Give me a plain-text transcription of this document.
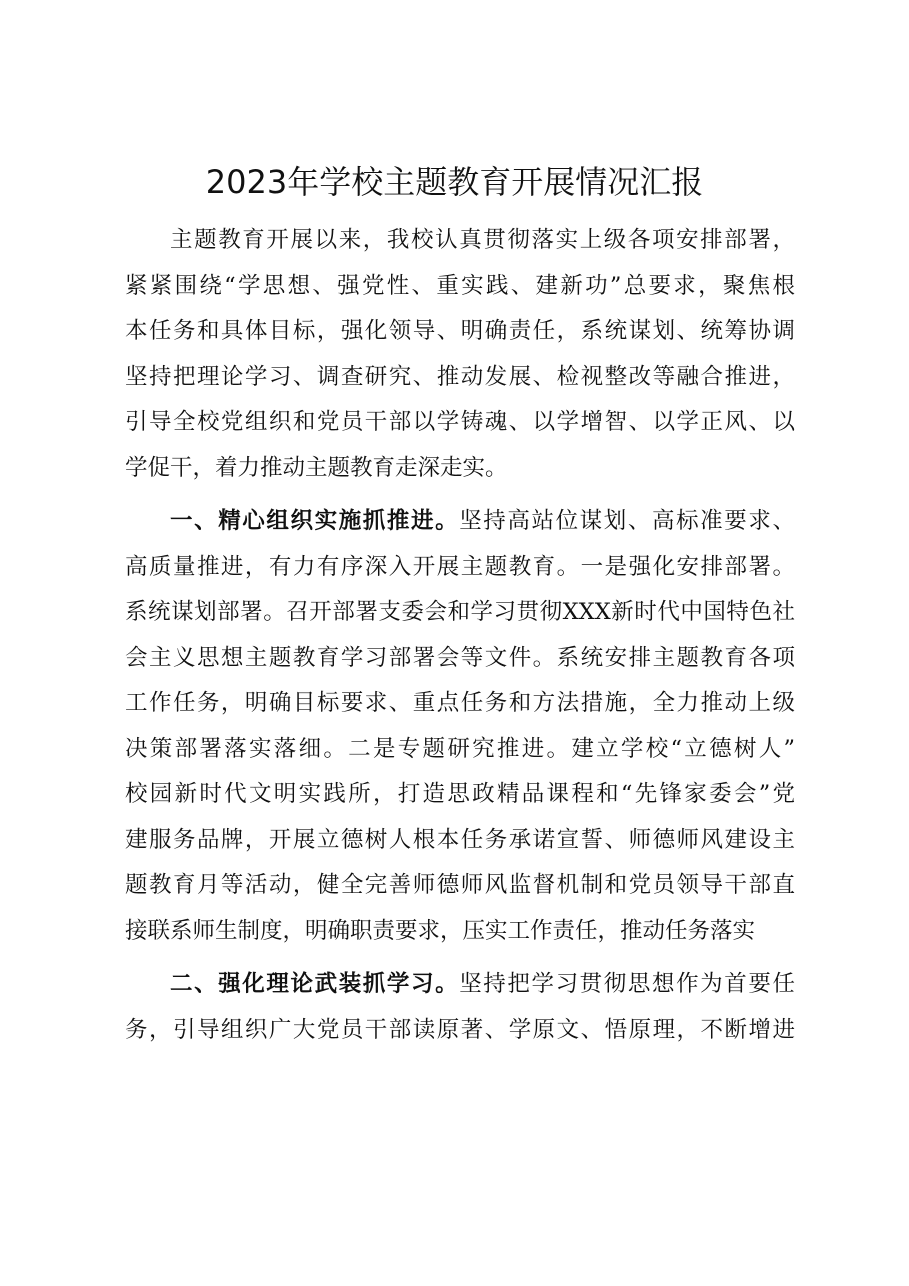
2023年学校主题教育开展情况汇报
主题教育开展以来，我校认真贯彻落实上级各项安排部署，
紧紧围绕“学思想、强党性、重实践、建新功”总要求，聚焦根
本任务和具体目标，强化领导、明确责任，系统谋划、统筹协调
坚持把理论学习、调查研究、推动发展、检视整改等融合推进，
引导全校党组织和党员干部以学铸魂、以学增智、以学正风、以
学促干，着力推动主题教育走深走实。
一、精心组织实施抓推进。坚持高站位谋划、高标准要求、
高质量推进，有力有序深入开展主题教育。一是强化安排部署。
系统谋划部署。召开部署支委会和学习贯彻XXX新时代中国特色社
会主义思想主题教育学习部署会等文件。系统安排主题教育各项
工作任务，明确目标要求、重点任务和方法措施，全力推动上级
决策部署落实落细。二是专题研究推进。建立学校“立德树人”
校园新时代文明实践所，打造思政精品课程和“先锋家委会”党
建服务品牌，开展立德树人根本任务承诺宣誓、师德师风建设主
题教育月等活动，健全完善师德师风监督机制和党员领导干部直
接联系师生制度，明确职责要求，压实工作责任，推动任务落实
二、强化理论武装抓学习。坚持把学习贯彻思想作为首要任
务，引导组织广大党员干部读原著、学原文、悟原理，不断增进
